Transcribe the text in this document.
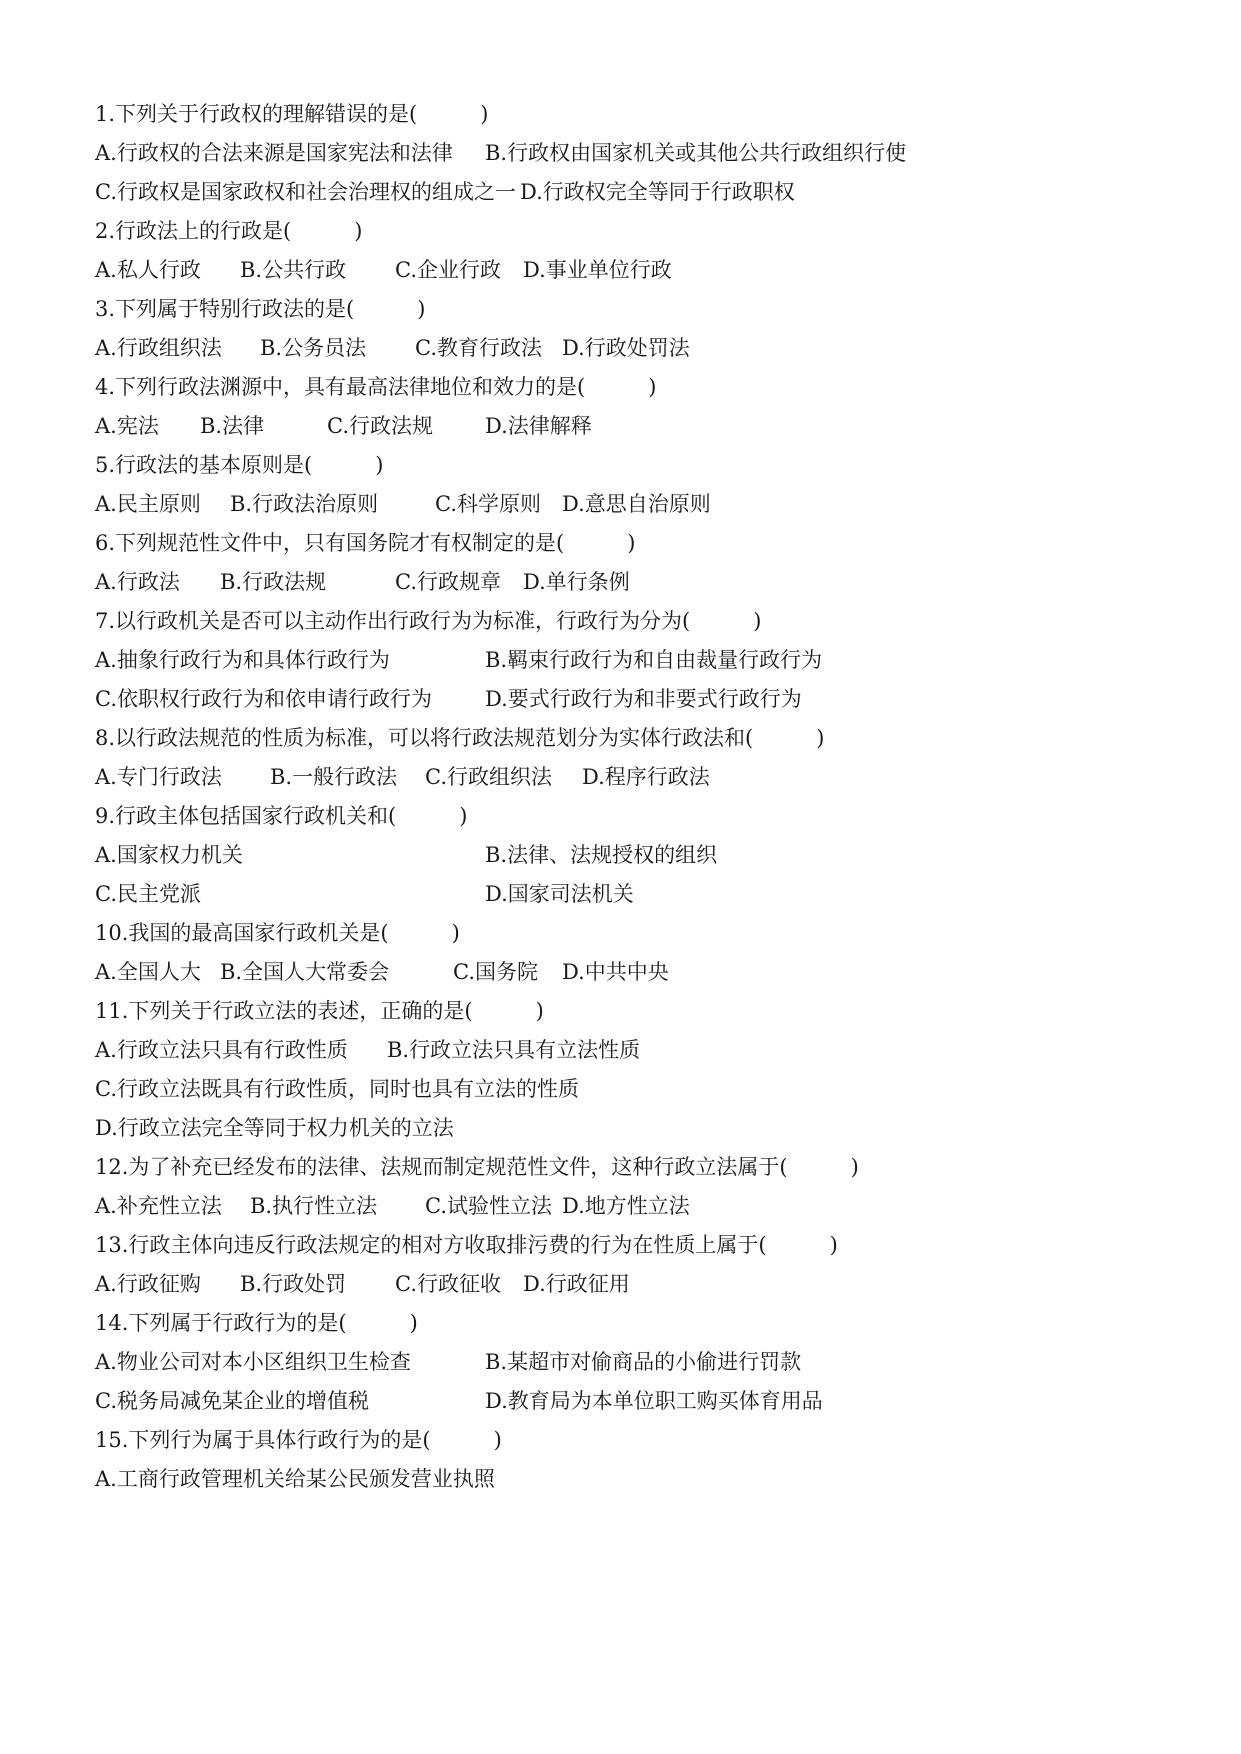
1.下列关于行政权的理解错误的是(　　　)
A.行政权的合法来源是国家宪法和法律 B.行政权由国家机关或其他公共行政组织行使
C.行政权是国家政权和社会治理权的组成之一 D.行政权完全等同于行政职权
2.行政法上的行政是(　　　)
A.私人行政 B.公共行政 C.企业行政 D.事业单位行政
3.下列属于特别行政法的是(　　　)
A.行政组织法 B.公务员法 C.教育行政法 D.行政处罚法
4.下列行政法渊源中，具有最高法律地位和效力的是(　　　)
A.宪法 B.法律	C.行政法规 D.法律解释
5.行政法的基本原则是(　　　)
A.民主原则 B.行政法治原则	C.科学原则 D.意思自治原则
6.下列规范性文件中，只有国务院才有权制定的是(　　　)
A.行政法 B.行政法规	C.行政规章 D.单行条例
7.以行政机关是否可以主动作出行政行为为标准，行政行为分为(　　　)
A.抽象行政行为和具体行政行为	B.羁束行政行为和自由裁量行政行为
C.依职权行政行为和依申请行政行为	D.要式行政行为和非要式行政行为
8.以行政法规范的性质为标准，可以将行政法规范划分为实体行政法和(　　　)
A.专门行政法 B.一般行政法 C.行政组织法 D.程序行政法
9.行政主体包括国家行政机关和(　　　)
A.国家权力机关	B.法律、法规授权的组织
C.民主党派	D.国家司法机关
10.我国的最高国家行政机关是(　　　)
A.全国人大 B.全国人大常委会	C.国务院 D.中共中央
11.下列关于行政立法的表述，正确的是(　　　)
A.行政立法只具有行政性质 B.行政立法只具有立法性质
C.行政立法既具有行政性质，同时也具有立法的性质
D.行政立法完全等同于权力机关的立法
12.为了补充已经发布的法律、法规而制定规范性文件，这种行政立法属于(　　　)
A.补充性立法 B.执行性立法 C.试验性立法 D.地方性立法
13.行政主体向违反行政法规定的相对方收取排污费的行为在性质上属于(　　　)
A.行政征购 B.行政处罚 C.行政征收 D.行政征用
14.下列属于行政行为的是(　　　)
A.物业公司对本小区组织卫生检查	B.某超市对偷商品的小偷进行罚款
C.税务局减免某企业的增值税	D.教育局为本单位职工购买体育用品
15.下列行为属于具体行政行为的是(　　　)
A.工商行政管理机关给某公民颁发营业执照
